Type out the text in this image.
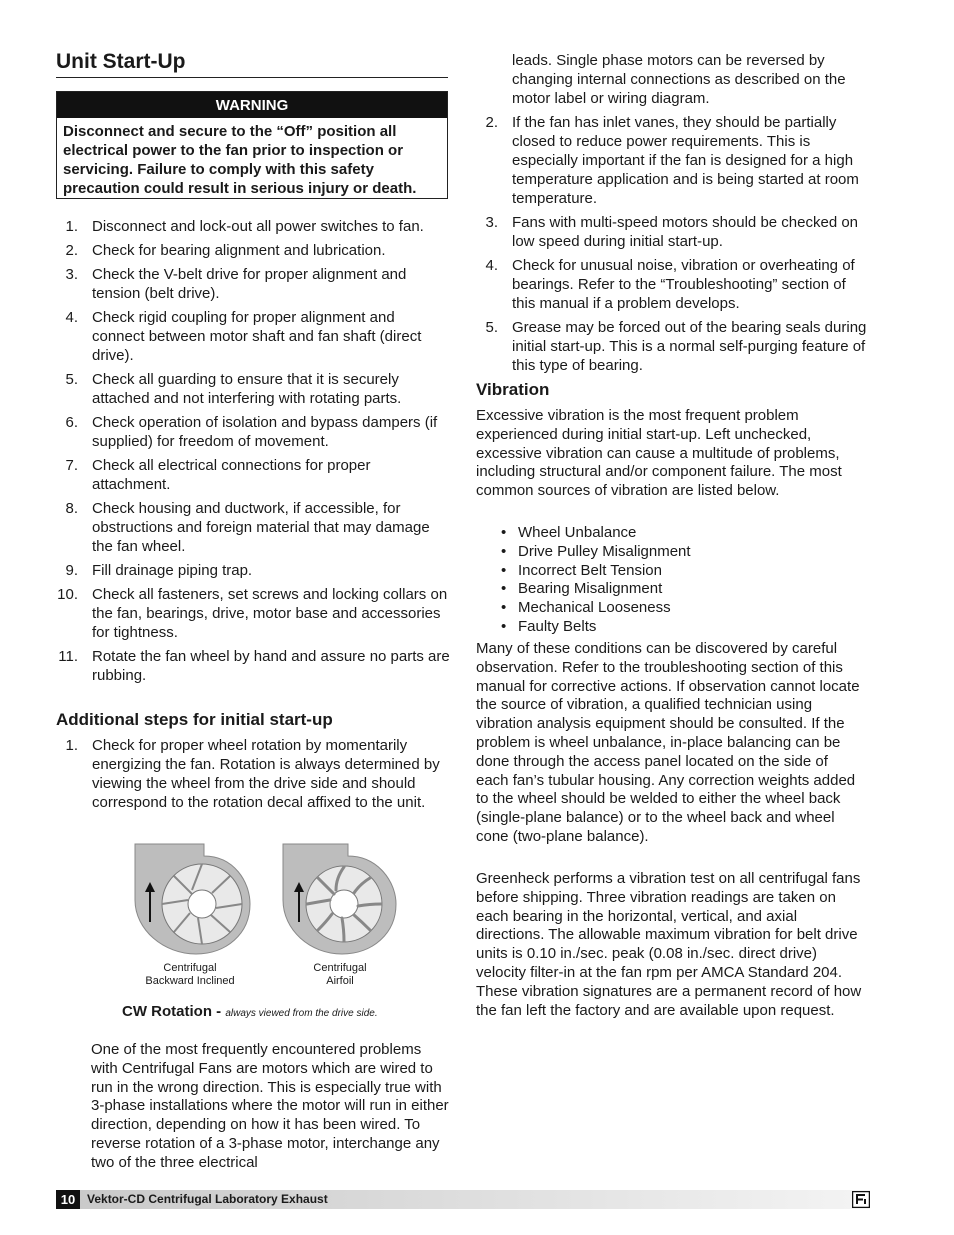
Unit Start-Up
WARNING
Disconnect and secure to the “Off” position all electrical power to the fan prior to inspection or servicing. Failure to comply with this safety precaution could result in serious injury or death.
1. Disconnect and lock-out all power switches to fan.
2. Check for bearing alignment and lubrication.
3. Check the V-belt drive for proper alignment and tension (belt drive).
4. Check rigid coupling for proper alignment and connect between motor shaft and fan shaft (direct drive).
5. Check all guarding to ensure that it is securely attached and not interfering with rotating parts.
6. Check operation of isolation and bypass dampers (if supplied) for freedom of movement.
7. Check all electrical connections for proper attachment.
8. Check housing and ductwork, if accessible, for obstructions and foreign material that may damage the fan wheel.
9. Fill drainage piping trap.
10. Check all fasteners, set screws and locking collars on the fan, bearings, drive, motor base and accessories for tightness.
11. Rotate the fan wheel by hand and assure no parts are rubbing.
Additional steps for initial start-up
1. Check for proper wheel rotation by momentarily energizing the fan. Rotation is always determined by viewing the wheel from the drive side and should correspond to the rotation decal affixed to the unit.
Centrifugal
Backward Inclined
Centrifugal
Airfoil
CW Rotation - always viewed from the drive side.
One of the most frequently encountered problems with Centrifugal Fans are motors which are wired to run in the wrong direction. This is especially true with 3-phase installations where the motor will run in either direction, depending on how it has been wired. To reverse rotation of a 3-phase motor, interchange any two of the three electrical
leads. Single phase motors can be reversed by changing internal connections as described on the motor label or wiring diagram.
2. If the fan has inlet vanes, they should be partially closed to reduce power requirements. This is especially important if the fan is designed for a high temperature application and is being started at room temperature.
3. Fans with multi-speed motors should be checked on low speed during initial start-up.
4. Check for unusual noise, vibration or overheating of bearings. Refer to the “Troubleshooting” section of this manual if a problem develops.
5. Grease may be forced out of the bearing seals during initial start-up. This is a normal self-purging feature of this type of bearing.
Vibration
Excessive vibration is the most frequent problem experienced during initial start-up. Left unchecked, excessive vibration can cause a multitude of problems, including structural and/or component failure. The most common sources of vibration are listed below.
• Wheel Unbalance
• Drive Pulley Misalignment
• Incorrect Belt Tension
• Bearing Misalignment
• Mechanical Looseness
• Faulty Belts
Many of these conditions can be discovered by careful observation. Refer to the troubleshooting section of this manual for corrective actions. If observation cannot locate the source of vibration, a qualified technician using vibration analysis equipment should be consulted. If the problem is wheel unbalance, in-place balancing can be done through the access panel located on the side of each fan’s tubular housing. Any correction weights added to the wheel should be welded to either the wheel back (single-plane balance) or to the wheel back and wheel cone (two-plane balance).
Greenheck performs a vibration test on all centrifugal fans before shipping. Three vibration readings are taken on each bearing in the horizontal, vertical, and axial directions. The allowable maximum vibration for belt drive units is 0.10 in./sec. peak (0.08 in./sec. direct drive) velocity filter-in at the fan rpm per AMCA Standard 204. These vibration signatures are a permanent record of how the fan left the factory and are available upon request.
10 Vektor-CD Centrifugal Laboratory Exhaust
